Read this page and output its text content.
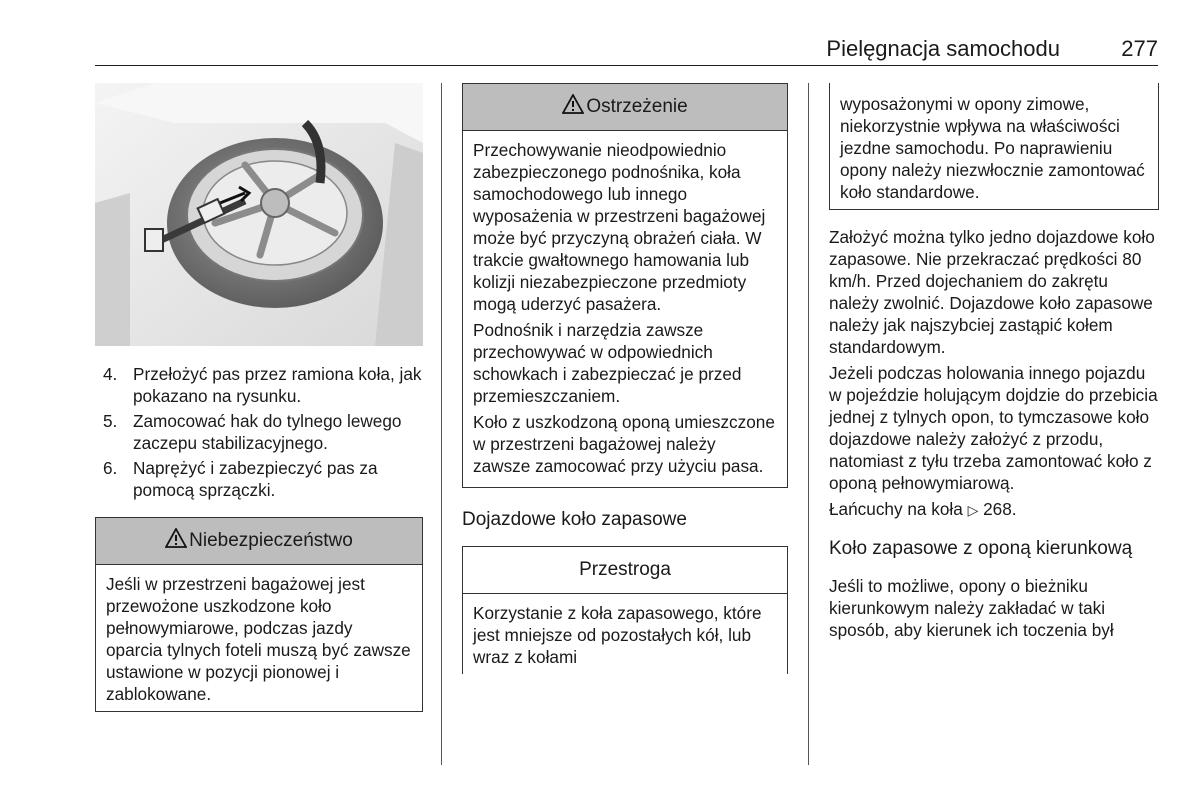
Pielęgnacja samochodu	277
4. Przełożyć pas przez ramiona koła, jak pokazano na rysunku.
5. Zamocować hak do tylnego lewego zaczepu stabilizacyjnego.
6. Naprężyć i zabezpieczyć pas za pomocą sprzączki.
Niebezpieczeństwo
Jeśli w przestrzeni bagażowej jest przewożone uszkodzone koło pełnowymiarowe, podczas jazdy oparcia tylnych foteli muszą być zawsze ustawione w pozycji pionowej i zablokowane.
Ostrzeżenie

Przechowywanie nieodpowiednio zabezpieczonego podnośnika, koła samochodowego lub innego wyposażenia w przestrzeni bagażowej może być przyczyną obrażeń ciała. W trakcie gwałtownego hamowania lub kolizji niezabezpieczone przedmioty mogą uderzyć pasażera.

Podnośnik i narzędzia zawsze przechowywać w odpowiednich schowkach i zabezpieczać je przed przemieszczaniem.

Koło z uszkodzoną oponą umieszczone w przestrzeni bagażowej należy zawsze zamocować przy użyciu pasa.

Dojazdowe koło zapasowe
Przestroga
Korzystanie z koła zapasowego, które jest mniejsze od pozostałych kół, lub wraz z kołami
wyposażonymi w opony zimowe, niekorzystnie wpływa na właściwości jezdne samochodu. Po naprawieniu opony należy niezwłocznie zamontować koło standardowe.

Założyć można tylko jedno dojazdowe koło zapasowe. Nie przekraczać prędkości 80 km/h. Przed dojechaniem do zakrętu należy zwolnić. Dojazdowe koło zapasowe należy jak najszybciej zastąpić kołem standardowym.

Jeżeli podczas holowania innego pojazdu w pojeździe holującym dojdzie do przebicia jednej z tylnych opon, to tymczasowe koło dojazdowe należy założyć z przodu, natomiast z tyłu trzeba zamontować koło z oponą pełnowymiarową.

Łańcuchy na koła ▷ 268.

Koło zapasowe z oponą kierunkową

Jeśli to możliwe, opony o bieżniku kierunkowym należy zakładać w taki sposób, aby kierunek ich toczenia był
